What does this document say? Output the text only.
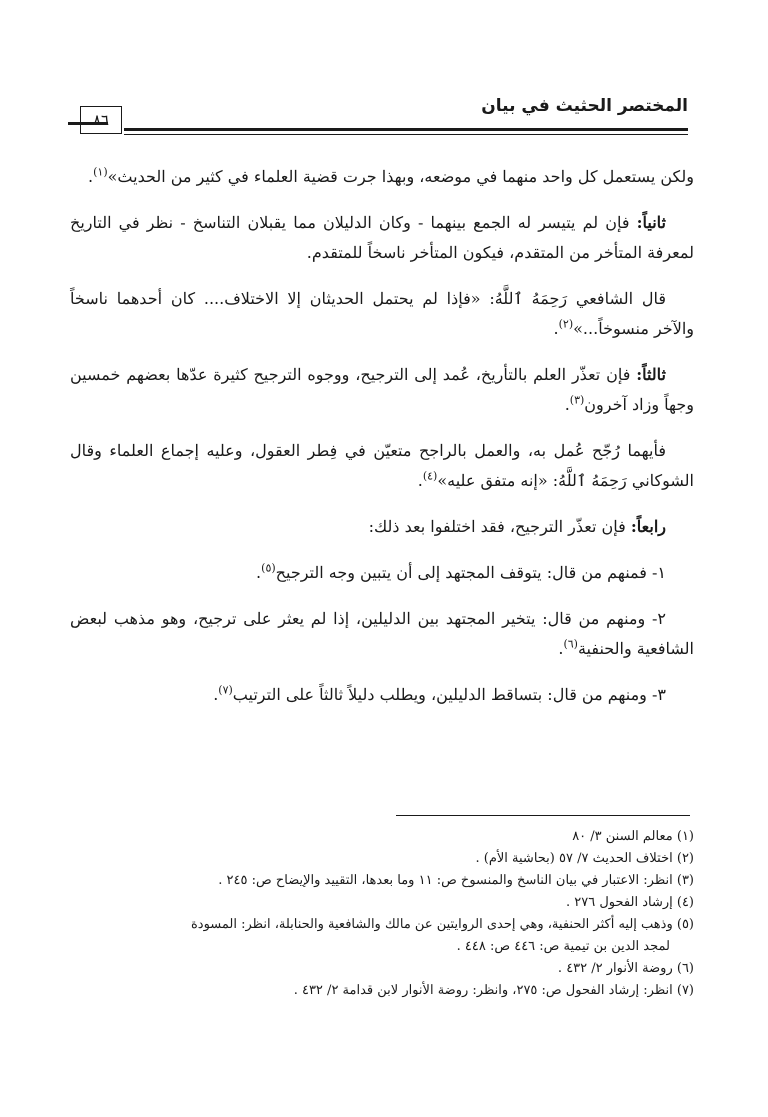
٨٦
المختصر الحثيث في بيان

ولكن يستعمل كل واحد منهما في موضعه، وبهذا جرت قضية العلماء في كثير من الحديث»$^{(١)}$.

ثانياً: فإن لم يتيسر له الجمع بينهما - وكان الدليلان مما يقبلان التناسخ - نظر في التاريخ لمعرفة المتأخر من المتقدم، فيكون المتأخر ناسخاً للمتقدم.

قال الشافعي رَحِمَهُ ٱللَّهُ: «فإذا لم يحتمل الحديثان إلا الاختلاف.... كان أحدهما ناسخاً والآخر منسوخاً...»$^{(٢)}$.

ثالثاً: فإن تعذّر العلم بالتأريخ، عُمد إلى الترجيح، ووجوه الترجيح كثيرة عدّها بعضهم خمسين وجهاً وزاد آخرون$^{(٣)}$.

فأيهما رُجّح عُمل به، والعمل بالراجح متعيّن في فِطر العقول، وعليه إجماع العلماء وقال الشوكاني رَحِمَهُ ٱللَّهُ: «إنه متفق عليه»$^{(٤)}$.

رابعاً: فإن تعذّر الترجيح، فقد اختلفوا بعد ذلك:

١- فمنهم من قال: يتوقف المجتهد إلى أن يتبين وجه الترجيح$^{(٥)}$.

٢- ومنهم من قال: يتخير المجتهد بين الدليلين، إذا لم يعثر على ترجيح، وهو مذهب لبعض الشافعية والحنفية$^{(٦)}$.

٣- ومنهم من قال: بتساقط الدليلين، ويطلب دليلاً ثالثاً على الترتيب$^{(٧)}$.

(١) معالم السنن ٣/ ٨٠

(٢) اختلاف الحديث ٧/ ٥٧ (بحاشية الأم) .

(٣) انظر: الاعتبار في بيان الناسخ والمنسوخ ص: ١١ وما بعدها، التقييد والإيضاح ص: ٢٤٥ .

(٤) إرشاد الفحول ٢٧٦ .

(٥) وذهب إليه أكثر الحنفية، وهي إحدى الروايتين عن مالك والشافعية والحنابلة، انظر: المسودة

لمجد الدين بن تيمية ص: ٤٤٦ ص: ٤٤٨ .

(٦) روضة الأنوار ٢/ ٤٣٢ .

(٧) انظر: إرشاد الفحول ص: ٢٧٥، وانظر: روضة الأنوار لابن قدامة ٢/ ٤٣٢ .
